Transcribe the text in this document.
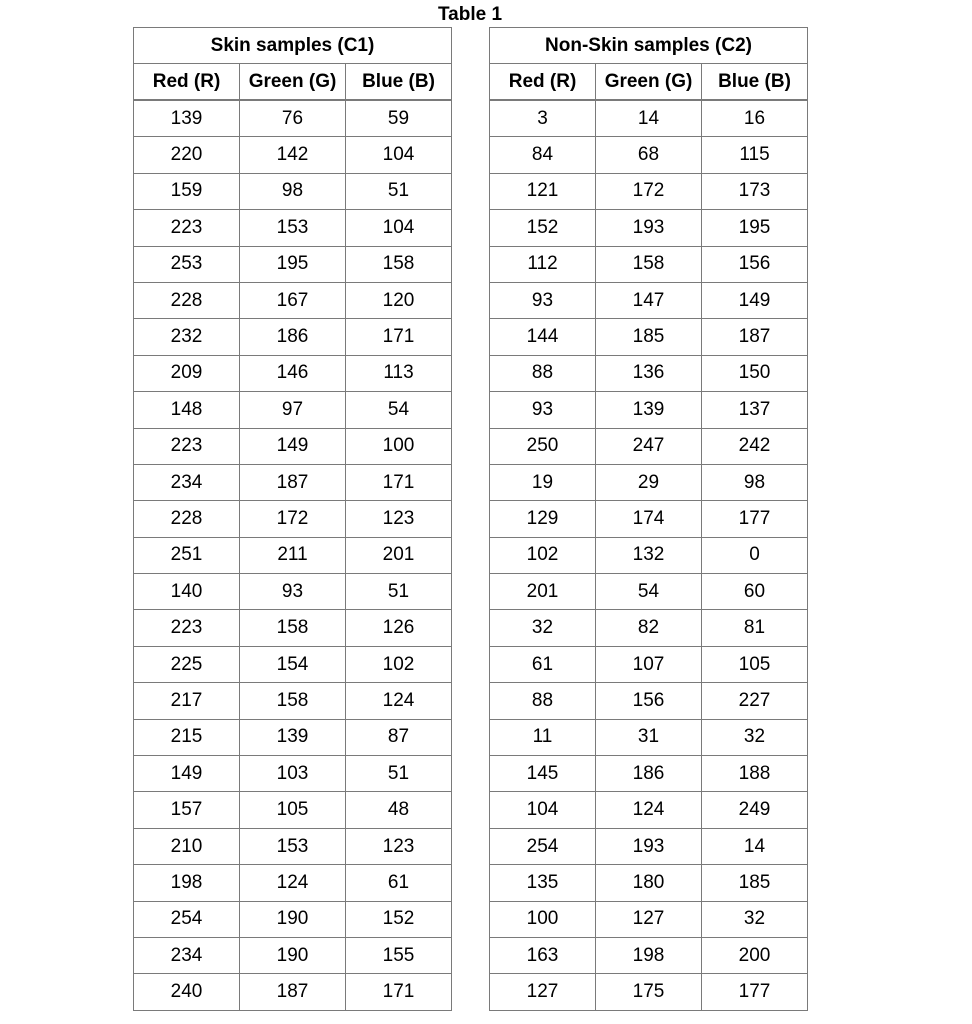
Table 1
Skin samples (C1)		
Red (R)	Green (G)	Blue (B)
139	76	59
220	142	104
159	98	51
223	153	104
253	195	158
228	167	120
232	186	171
209	146	113
148	97	54
223	149	100
234	187	171
228	172	123
251	211	201
140	93	51
223	158	126
225	154	102
217	158	124
215	139	87
149	103	51
157	105	48
210	153	123
198	124	61
254	190	152
234	190	155
240	187	171
Non-Skin samples (C2)		
Red (R)	Green (G)	Blue (B)
3	14	16
84	68	115
121	172	173
152	193	195
112	158	156
93	147	149
144	185	187
88	136	150
93	139	137
250	247	242
19	29	98
129	174	177
102	132	0
201	54	60
32	82	81
61	107	105
88	156	227
11	31	32
145	186	188
104	124	249
254	193	14
135	180	185
100	127	32
163	198	200
127	175	177
